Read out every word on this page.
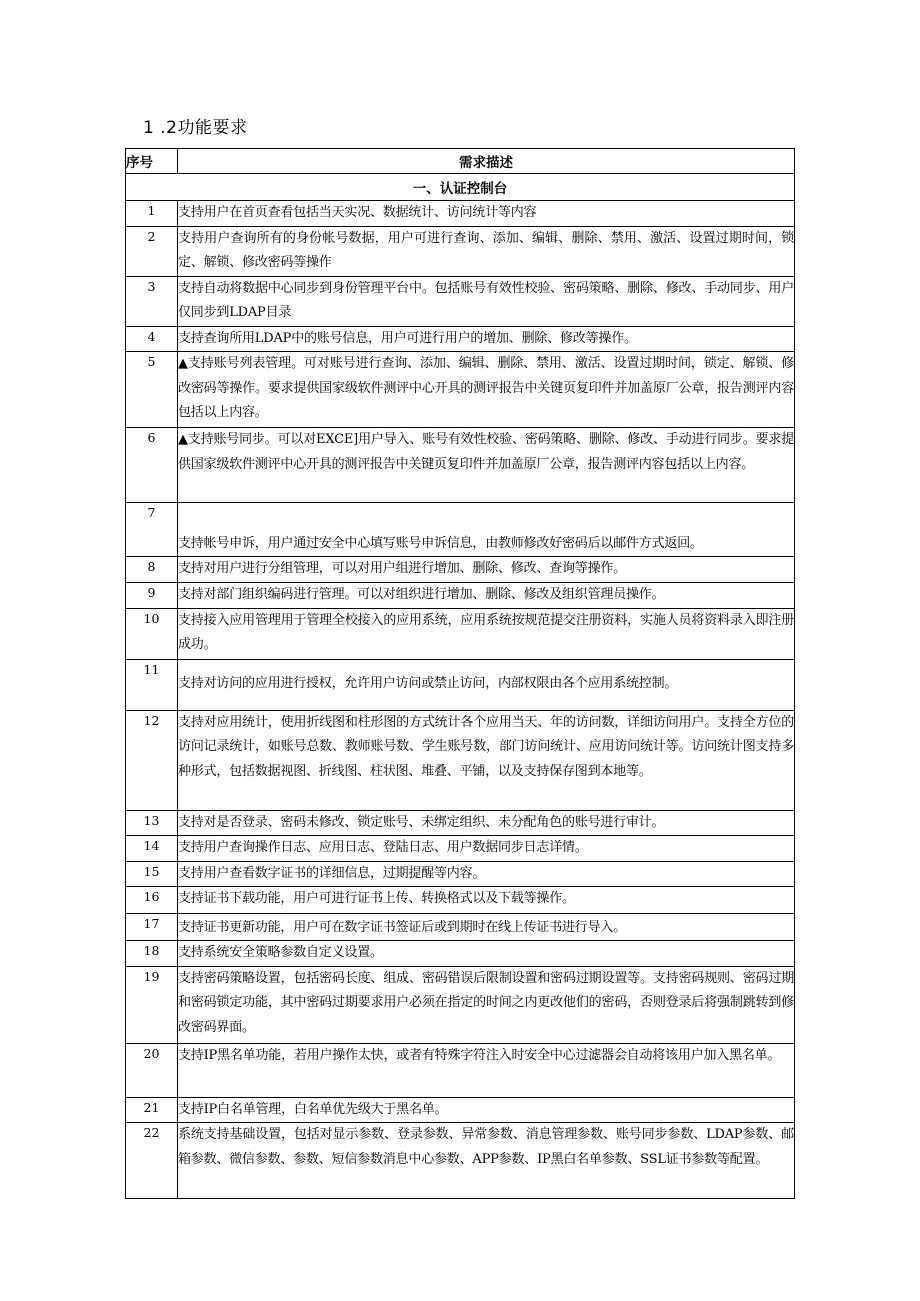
1 .2功能要求
序号	需求描述
一、认证控制台	
1	支持用户在首页查看包括当天实况、数据统计、访问统计等内容
2	支持用户查询所有的身份帐号数据，用户可进行查询、添加、编辑、删除、禁用、激活、设置过期时间，锁定、解锁、修改密码等操作
3	支持自动将数据中心同步到身份管理平台中。包括账号有效性校验、密码策略、删除、修改、手动同步、用户仅同步到LDAP目录
4	支持查询所用LDAP中的账号信息，用户可进行用户的增加、删除、修改等操作。
5	▲支持账号列表管理。可对账号进行查询、添加、编辑、删除、禁用、激活、设置过期时间，锁定、解锁、修改密码等操作。要求提供国家级软件测评中心开具的测评报告中关键页复印件并加盖原厂公章，报告测评内容包括以上内容。
6	▲支持账号同步。可以对EXCE]用户导入、账号有效性校验、密码策略、删除、修改、手动进行同步。要求提供国家级软件测评中心开具的测评报告中关键页复印件并加盖原厂公章，报告测评内容包括以上内容。
7	支持帐号申诉，用户通过安全中心填写账号申诉信息，由教师修改好密码后以邮件方式返回。
8	支持对用户进行分组管理，可以对用户组进行增加、删除、修改、查询等操作。
9	支持对部门组织编码进行管理。可以对组织进行增加、删除、修改及组织管理员操作。
10	支持接入应用管理用于管理全校接入的应用系统，应用系统按规范提交注册资料，实施人员将资料录入即注册成功。
11	支持对访问的应用进行授权，允许用户访问或禁止访问，内部权限由各个应用系统控制。
12	支持对应用统计，使用折线图和柱形图的方式统计各个应用当天、年的访问数，详细访问用户。支持全方位的访问记录统计，如账号总数、教师账号数、学生账号数，部门访问统计、应用访问统计等。访问统计图支持多种形式，包括数据视图、折线图、柱状图、堆叠、平铺，以及支持保存图到本地等。
13	支持对是否登录、密码未修改、锁定账号、未绑定组织、未分配角色的账号进行审计。
14	支持用户查询操作日志、应用日志、登陆日志、用户数据同步日志详情。
15	支持用户查看数字证书的详细信息，过期提醒等内容。
16	支持证书下载功能，用户可进行证书上传、转换格式以及下载等操作。
17	支持证书更新功能，用户可在数字证书签证后或到期时在线上传证书进行导入。
18	支持系统安全策略参数自定义设置。
19	支持密码策略设置，包括密码长度、组成、密码错误后限制设置和密码过期设置等。支持密码规则、密码过期和密码锁定功能，其中密码过期要求用户必须在指定的时间之内更改他们的密码，否则登录后将强制跳转到修改密码界面。
20	支持IP黑名单功能，若用户操作太快，或者有特殊字符注入时安全中心过滤器会自动将该用户加入黑名单。
21	支持IP白名单管理，白名单优先级大于黑名单。
22	系统支持基础设置，包括对显示参数、登录参数、异常参数、消息管理参数、账号同步参数、LDAP参数、邮箱参数、微信参数、参数、短信参数消息中心参数、APP参数、IP黑白名单参数、SSL证书参数等配置。
